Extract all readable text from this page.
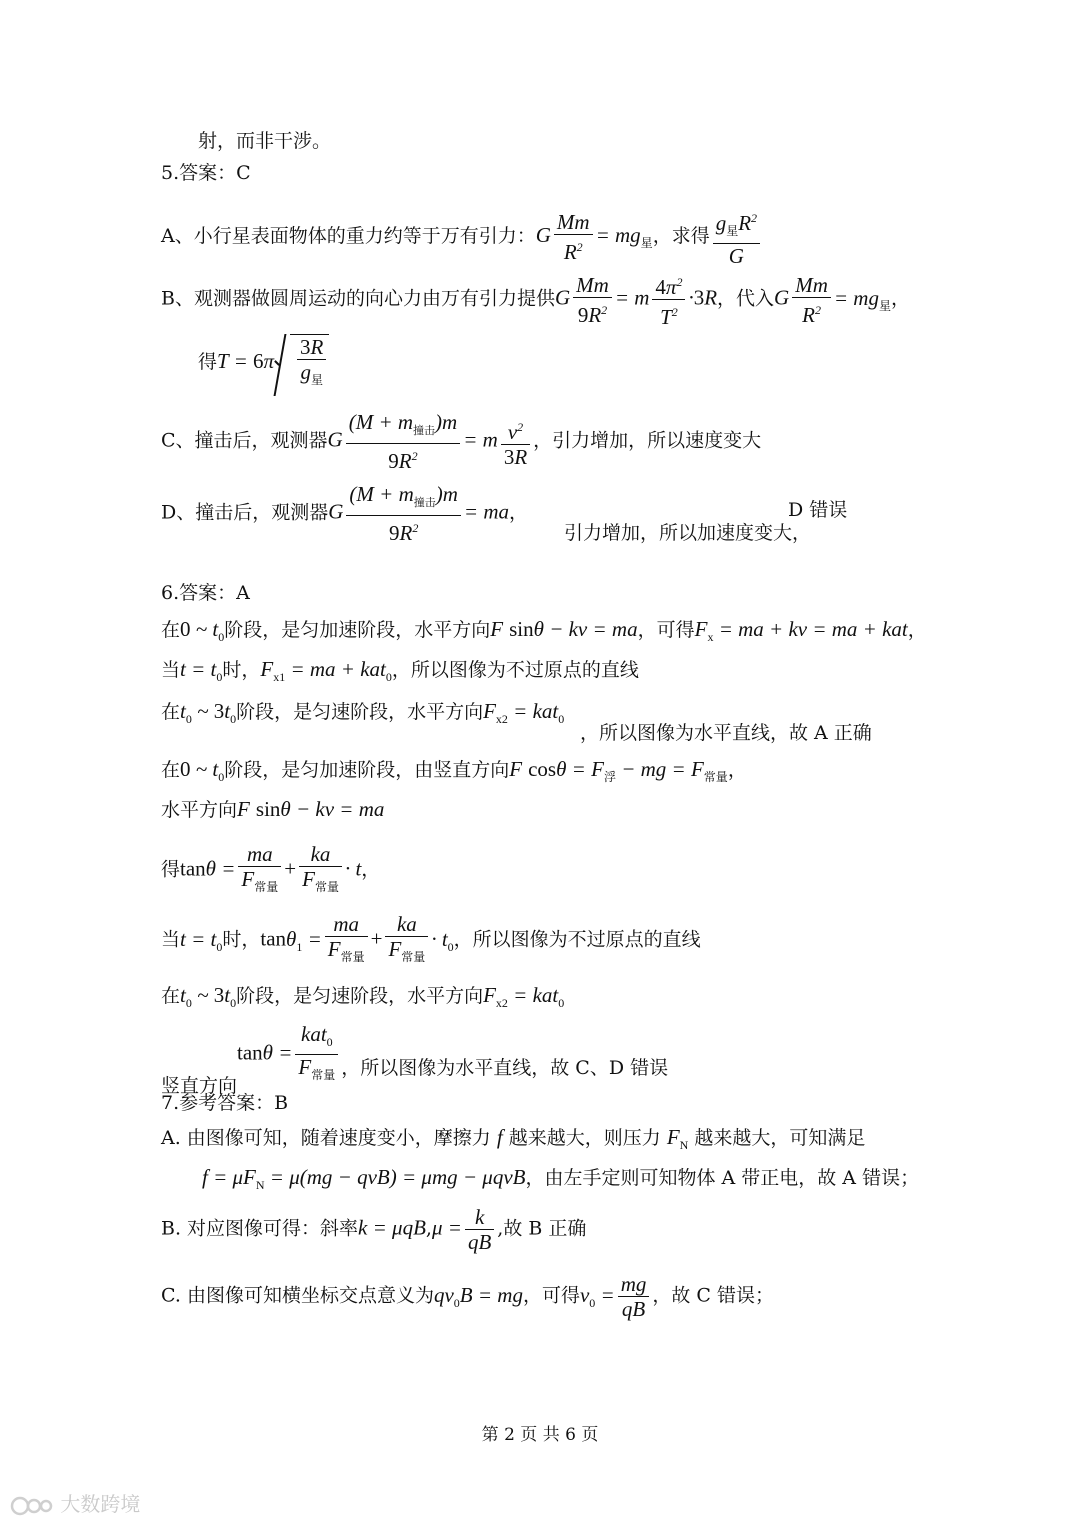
射，而非干涉。
5.答案：C
A、小行星表面物体的重力约等于万有引力：G $\frac{Mm}{R^2} = mg_星$，求得 $\frac{g_星R^2}{G}$
B、观测器做圆周运动的向心力由万有引力提供G $\frac{Mm}{9R^2} = m \frac{4\pi^2}{T^2} \cdot 3R$，代入G $\frac{Mm}{R^2} = mg_星$，
得$T = 6\pi \frac{3R}{g_星}$
C、撞击后，观测器G $\frac{(M + m_{撞击})m}{9R^2} = m \frac{v^2}{3R}$ ，引力增加，所以速度变大
D、撞击后，观测器G $\frac{(M + m_{撞击})m}{9R^2}$ = ma， 引力增加，所以加速度变大，
D 错误
6.答案：A
在0 ~ $t_0$阶段，是匀加速阶段，水平方向F sinθ − kv = ma，可得$F_x$ = ma + kv = ma + kat，
当$t = t_0$时，$F_{x1}$ = ma + kat$_0$，所以图像为不过原点的直线
在$t_0$ ~ $3t_0$阶段，是匀速阶段，水平方向$F_{x2} = kat_0$
，所以图像为水平直线，故 A 正确
在0 ~ $t_0$阶段，是匀加速阶段，由竖直方向F $\cos\theta = F_浮$ − mg = $F_{常量}$，
水平方向F sinθ − kv = ma
得$\tan\theta = \frac{ma}{F_{常量}} + \frac{ka}{F_{常量}} \cdot t$，
当$t = t_0$时，$\tan\theta_1 = \frac{ma}{F_{常量}} + \frac{ka}{F_{常量}} \cdot t_0$，所以图像为不过原点的直线
在$t_0$ ~ $3t_0$阶段，是匀速阶段，水平方向$F_{x2} = kat_0$
竖直方向$\tan\theta = \frac{kat_0}{F_{常量}}$ ，所以图像为水平直线，故 C、D 错误
7.参考答案：B
A. 由图像可知，随着速度变小，摩擦力 f 越来越大，则压力 $F_N$ 越来越大，可知满足
$f = \mu F_N = \mu(mg - qvB) = \mu mg - \mu qvB$，由左手定则可知物体 A 带正电，故 A 错误；
B. 对应图像可得：斜率$k = \mu qB,\mu = \frac{k}{qB}$ ,故 B 正确
C. 由图像可知横坐标交点意义为$qv_0B$ = mg，可得$v_0 = \frac{mg}{qB}$ ，故 C 错误；
第 2 页 共 6 页
大数跨境
